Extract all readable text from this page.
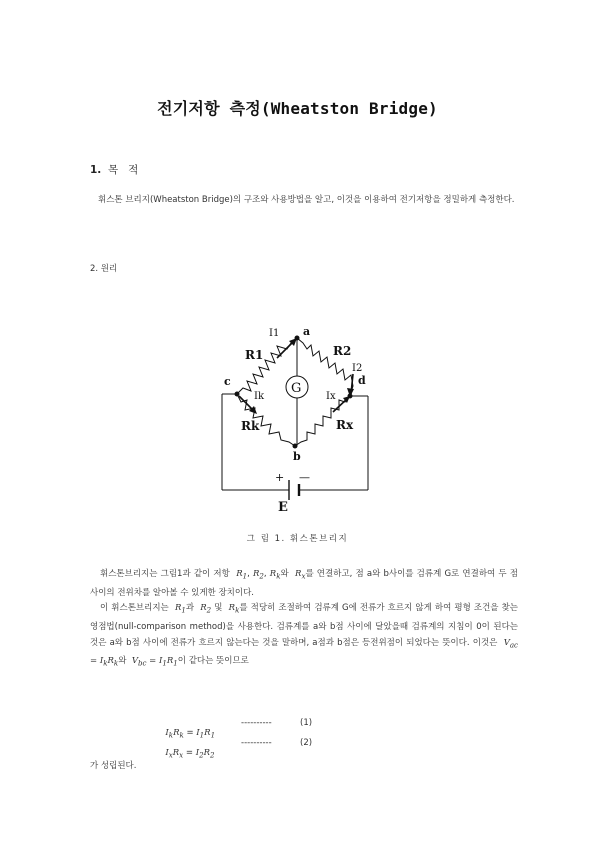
전기저항 측정(Wheatston Bridge)
1. 목   적
휘스톤 브리지(Wheatston Bridge)의 구조와 사용방법을 알고, 이것을 이용하여 전기저항을 정밀하게 측정한다.
2. 원리
+ —
E
G
a
b
c	d
R1	R2
Rk	Rx
I1
I2
Ik	Ix
그 림 1. 휘스톤브리지
휘스톤브리지는 그림1과 같이 저항 $R_1$, $R_2$, $R_k$와 $R_x$를 연결하고, 점 a와 b사이를 검류계 G로 연결하여 두 점 사이의 전위차를 알아볼 수 있게한 장치이다.
이 휘스톤브리지는 $R_1$과 $R_2$ 및 $R_k$를 적당히 조절하여 검류계 G에 전류가 흐르지 않게 하여 평형 조건을 찾는 영점법(null-comparison method)을 사용한다. 검류계를 a와 b점 사이에 달았을때 검류계의 지침이 0이 된다는 것은 a와 b점 사이에 전류가 흐르지 않는다는 것을 말하며, a점과 b점은 등전위점이 되었다는 뜻이다. 이것은 $V_{ac} = I_kR_k$와 $V_{bc} = I_1R_1$이 같다는 뜻이므로

$I_kR_k = I_1R_1$

----------	(1)

$I_xR_x = I_2R_2$

----------	(2)
가 성립된다.
